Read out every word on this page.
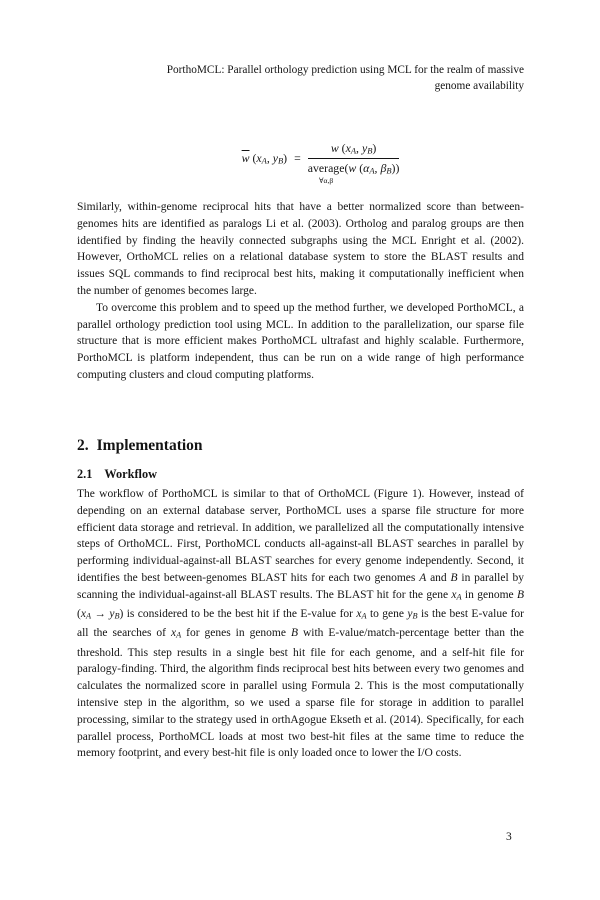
PorthoMCL: Parallel orthology prediction using MCL for the realm of massive
genome availability
$\overline{w}$ (xA, yB) = w (xA, yB)
average
∀α,β
(w (αA, βB))

Similarly, within-genome reciprocal hits that have a better normalized score than between-genomes hits are identified as paralogs Li et al. (2003). Ortholog and paralog groups are then identified by finding the heavily connected subgraphs using the MCL Enright et al. (2002). However, OrthoMCL relies on a relational database system to store the BLAST results and issues SQL commands to find reciprocal best hits, making it computationally inefficient when the number of genomes becomes large.

To overcome this problem and to speed up the method further, we developed PorthoMCL, a parallel orthology prediction tool using MCL. In addition to the parallelization, our sparse file structure that is more efficient makes PorthoMCL ultrafast and highly scalable. Furthermore, PorthoMCL is platform independent, thus can be run on a wide range of high performance computing clusters and cloud computing platforms.

2. Implementation
2.1 Workflow

The workflow of PorthoMCL is similar to that of OrthoMCL (Figure 1). However, instead of depending on an external database server, PorthoMCL uses a sparse file structure for more efficient data storage and retrieval. In addition, we parallelized all the computationally intensive steps of OrthoMCL. First, PorthoMCL conducts all-against-all BLAST searches in parallel by performing individual-against-all BLAST searches for every genome independently. Second, it identifies the best between-genomes BLAST hits for each two genomes A and B in parallel by scanning the individual-against-all BLAST results. The BLAST hit for the gene xA in genome B (xA → yB) is considered to be the best hit if the E-value for xA to gene yB is the best E-value for all the searches of xA for genes in genome B with E-value/match-percentage better than the threshold. This step results in a single best hit file for each genome, and a self-hit file for paralogy-finding. Third, the algorithm finds reciprocal best hits between every two genomes and calculates the normalized score in parallel using Formula 2. This is the most computationally intensive step in the algorithm, so we used a sparse file for storage in addition to parallel processing, similar to the strategy used in orthAgogue Ekseth et al. (2014). Specifically, for each parallel process, PorthoMCL loads at most two best-hit files at the same time to reduce the memory footprint, and every best-hit file is only loaded once to lower the I/O costs.

3
